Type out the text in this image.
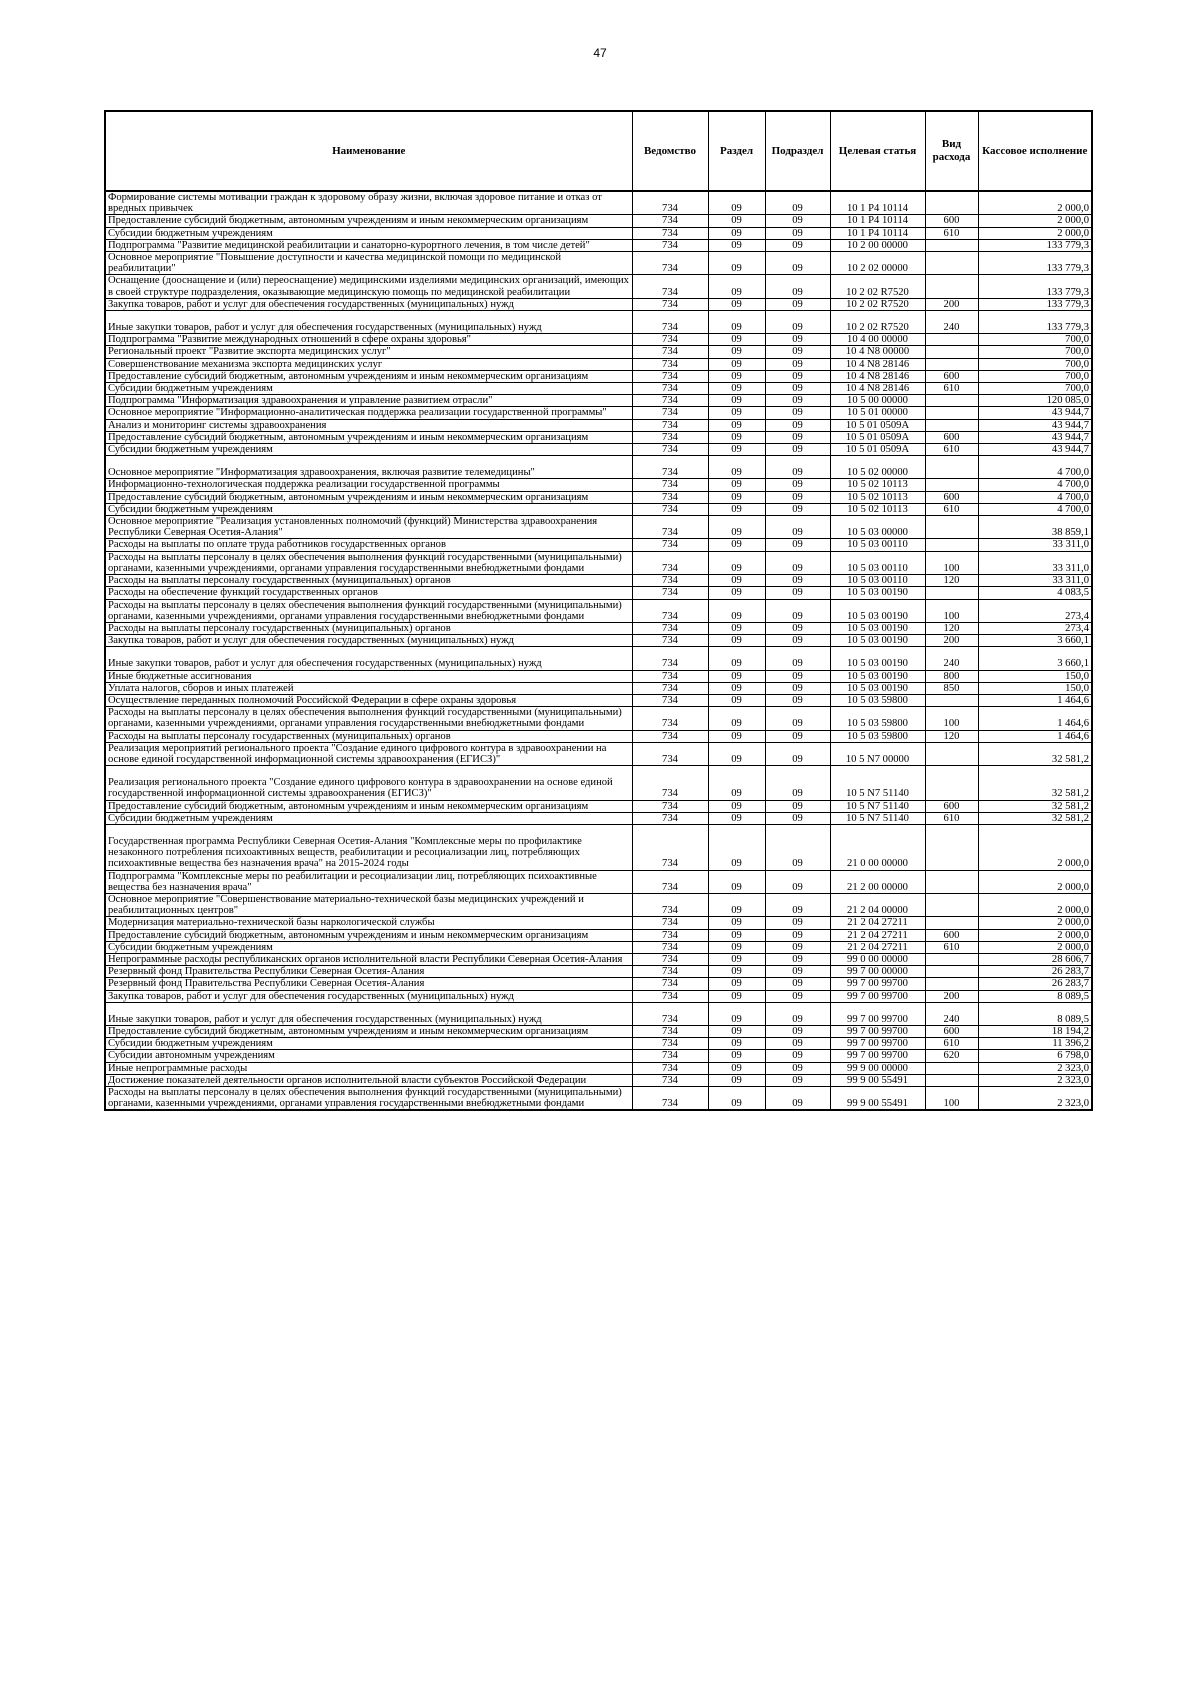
47
Наименование	Ведомство	Раздел	Подраздел	Целевая статья	Вид расхода	Кассовое исполнение
Формирование системы мотивации граждан к здоровому образу жизни, включая здоровое питание и отказ от вредных привычек	734	09	09	10 1 P4 10114		2 000,0
Предоставление субсидий бюджетным, автономным учреждениям и иным некоммерческим организациям	734	09	09	10 1 P4 10114	600	2 000,0
Субсидии бюджетным учреждениям	734	09	09	10 1 P4 10114	610	2 000,0
Подпрограмма "Развитие медицинской реабилитации и санаторно-курортного лечения, в том числе детей"	734	09	09	10 2 00 00000		133 779,3
Основное мероприятие "Повышение доступности и качества медицинской помощи по медицинской реабилитации"	734	09	09	10 2 02 00000		133 779,3
Оснащение (дооснащение и (или) переоснащение) медицинскими изделиями медицинских организаций, имеющих в своей структуре подразделения, оказывающие медицинскую помощь по медицинской реабилитации	734	09	09	10 2 02 R7520		133 779,3
Закупка товаров, работ и услуг для обеспечения государственных (муниципальных) нужд	734	09	09	10 2 02 R7520	200	133 779,3
Иные закупки товаров, работ и услуг для обеспечения государственных (муниципальных) нужд	734	09	09	10 2 02 R7520	240	133 779,3
Подпрограмма "Развитие международных отношений в сфере охраны здоровья"	734	09	09	10 4 00 00000		700,0
Региональный проект "Развитие экспорта медицинских услуг"	734	09	09	10 4 N8 00000		700,0
Совершенствование механизма экспорта медицинских услуг	734	09	09	10 4 N8 28146		700,0
Предоставление субсидий бюджетным, автономным учреждениям и иным некоммерческим организациям	734	09	09	10 4 N8 28146	600	700,0
Субсидии бюджетным учреждениям	734	09	09	10 4 N8 28146	610	700,0
Подпрограмма "Информатизация здравоохранения и управление развитием отрасли"	734	09	09	10 5 00 00000		120 085,0
Основное мероприятие "Информационно-аналитическая поддержка реализации государственной программы"	734	09	09	10 5 01 00000		43 944,7
Анализ и мониторинг системы здравоохранения	734	09	09	10 5 01 0509A		43 944,7
Предоставление субсидий бюджетным, автономным учреждениям и иным некоммерческим организациям	734	09	09	10 5 01 0509A	600	43 944,7
Субсидии бюджетным учреждениям	734	09	09	10 5 01 0509A	610	43 944,7
Основное мероприятие "Информатизация здравоохранения, включая развитие телемедицины"	734	09	09	10 5 02 00000		4 700,0
Информационно-технологическая поддержка реализации государственной программы	734	09	09	10 5 02 10113		4 700,0
Предоставление субсидий бюджетным, автономным учреждениям и иным некоммерческим организациям	734	09	09	10 5 02 10113	600	4 700,0
Субсидии бюджетным учреждениям	734	09	09	10 5 02 10113	610	4 700,0
Основное мероприятие "Реализация установленных полномочий (функций) Министерства здравоохранения Республики Северная Осетия-Алания"	734	09	09	10 5 03 00000		38 859,1
Расходы на выплаты по оплате труда работников государственных органов	734	09	09	10 5 03 00110		33 311,0
Расходы на выплаты персоналу в целях обеспечения выполнения функций государственными (муниципальными) органами, казенными учреждениями, органами управления государственными внебюджетными фондами	734	09	09	10 5 03 00110	100	33 311,0
Расходы на выплаты персоналу государственных (муниципальных) органов	734	09	09	10 5 03 00110	120	33 311,0
Расходы на обеспечение функций государственных органов	734	09	09	10 5 03 00190		4 083,5
Расходы на выплаты персоналу в целях обеспечения выполнения функций государственными (муниципальными) органами, казенными учреждениями, органами управления государственными внебюджетными фондами	734	09	09	10 5 03 00190	100	273,4
Расходы на выплаты персоналу государственных (муниципальных) органов	734	09	09	10 5 03 00190	120	273,4
Закупка товаров, работ и услуг для обеспечения государственных (муниципальных) нужд	734	09	09	10 5 03 00190	200	3 660,1
Иные закупки товаров, работ и услуг для обеспечения государственных (муниципальных) нужд	734	09	09	10 5 03 00190	240	3 660,1
Иные бюджетные ассигнования	734	09	09	10 5 03 00190	800	150,0
Уплата налогов, сборов и иных платежей	734	09	09	10 5 03 00190	850	150,0
Осуществление переданных полномочий Российской Федерации в сфере охраны здоровья	734	09	09	10 5 03 59800		1 464,6
Расходы на выплаты персоналу в целях обеспечения выполнения функций государственными (муниципальными) органами, казенными учреждениями, органами управления государственными внебюджетными фондами	734	09	09	10 5 03 59800	100	1 464,6
Расходы на выплаты персоналу государственных (муниципальных) органов	734	09	09	10 5 03 59800	120	1 464,6
Реализация мероприятий регионального проекта "Создание единого цифрового контура в здравоохранении на основе единой государственной информационной системы здравоохранения (ЕГИСЗ)"	734	09	09	10 5 N7 00000		32 581,2
Реализация регионального проекта "Создание единого цифрового контура в здравоохранении на основе единой государственной информационной системы здравоохранения (ЕГИСЗ)"	734	09	09	10 5 N7 51140		32 581,2
Предоставление субсидий бюджетным, автономным учреждениям и иным некоммерческим организациям	734	09	09	10 5 N7 51140	600	32 581,2
Субсидии бюджетным учреждениям	734	09	09	10 5 N7 51140	610	32 581,2
Государственная программа Республики Северная Осетия-Алания "Комплексные меры по профилактике незаконного потребления психоактивных веществ, реабилитации и ресоциализации лиц, потребляющих психоактивные вещества без назначения врача" на 2015-2024 годы	734	09	09	21 0 00 00000		2 000,0
Подпрограмма "Комплексные меры по реабилитации и ресоциализации лиц, потребляющих психоактивные вещества без назначения врача"	734	09	09	21 2 00 00000		2 000,0
Основное мероприятие "Совершенствование материально-технической базы медицинских учреждений и реабилитационных центров"	734	09	09	21 2 04 00000		2 000,0
Модернизация материально-технической базы наркологической службы	734	09	09	21 2 04 27211		2 000,0
Предоставление субсидий бюджетным, автономным учреждениям и иным некоммерческим организациям	734	09	09	21 2 04 27211	600	2 000,0
Субсидии бюджетным учреждениям	734	09	09	21 2 04 27211	610	2 000,0
Непрограммные расходы республиканских органов исполнительной власти Республики Северная Осетия-Алания	734	09	09	99 0 00 00000		28 606,7
Резервный фонд Правительства Республики Северная Осетия-Алания	734	09	09	99 7 00 00000		26 283,7
Резервный фонд Правительства Республики Северная Осетия-Алания	734	09	09	99 7 00 99700		26 283,7
Закупка товаров, работ и услуг для обеспечения государственных (муниципальных) нужд	734	09	09	99 7 00 99700	200	8 089,5
Иные закупки товаров, работ и услуг для обеспечения государственных (муниципальных) нужд	734	09	09	99 7 00 99700	240	8 089,5
Предоставление субсидий бюджетным, автономным учреждениям и иным некоммерческим организациям	734	09	09	99 7 00 99700	600	18 194,2
Субсидии бюджетным учреждениям	734	09	09	99 7 00 99700	610	11 396,2
Субсидии автономным учреждениям	734	09	09	99 7 00 99700	620	6 798,0
Иные непрограммные расходы	734	09	09	99 9 00 00000		2 323,0
Достижение показателей деятельности органов исполнительной власти субъектов Российской Федерации	734	09	09	99 9 00 55491		2 323,0
Расходы на выплаты персоналу в целях обеспечения выполнения функций государственными (муниципальными) органами, казенными учреждениями, органами управления государственными внебюджетными фондами	734	09	09	99 9 00 55491	100	2 323,0
